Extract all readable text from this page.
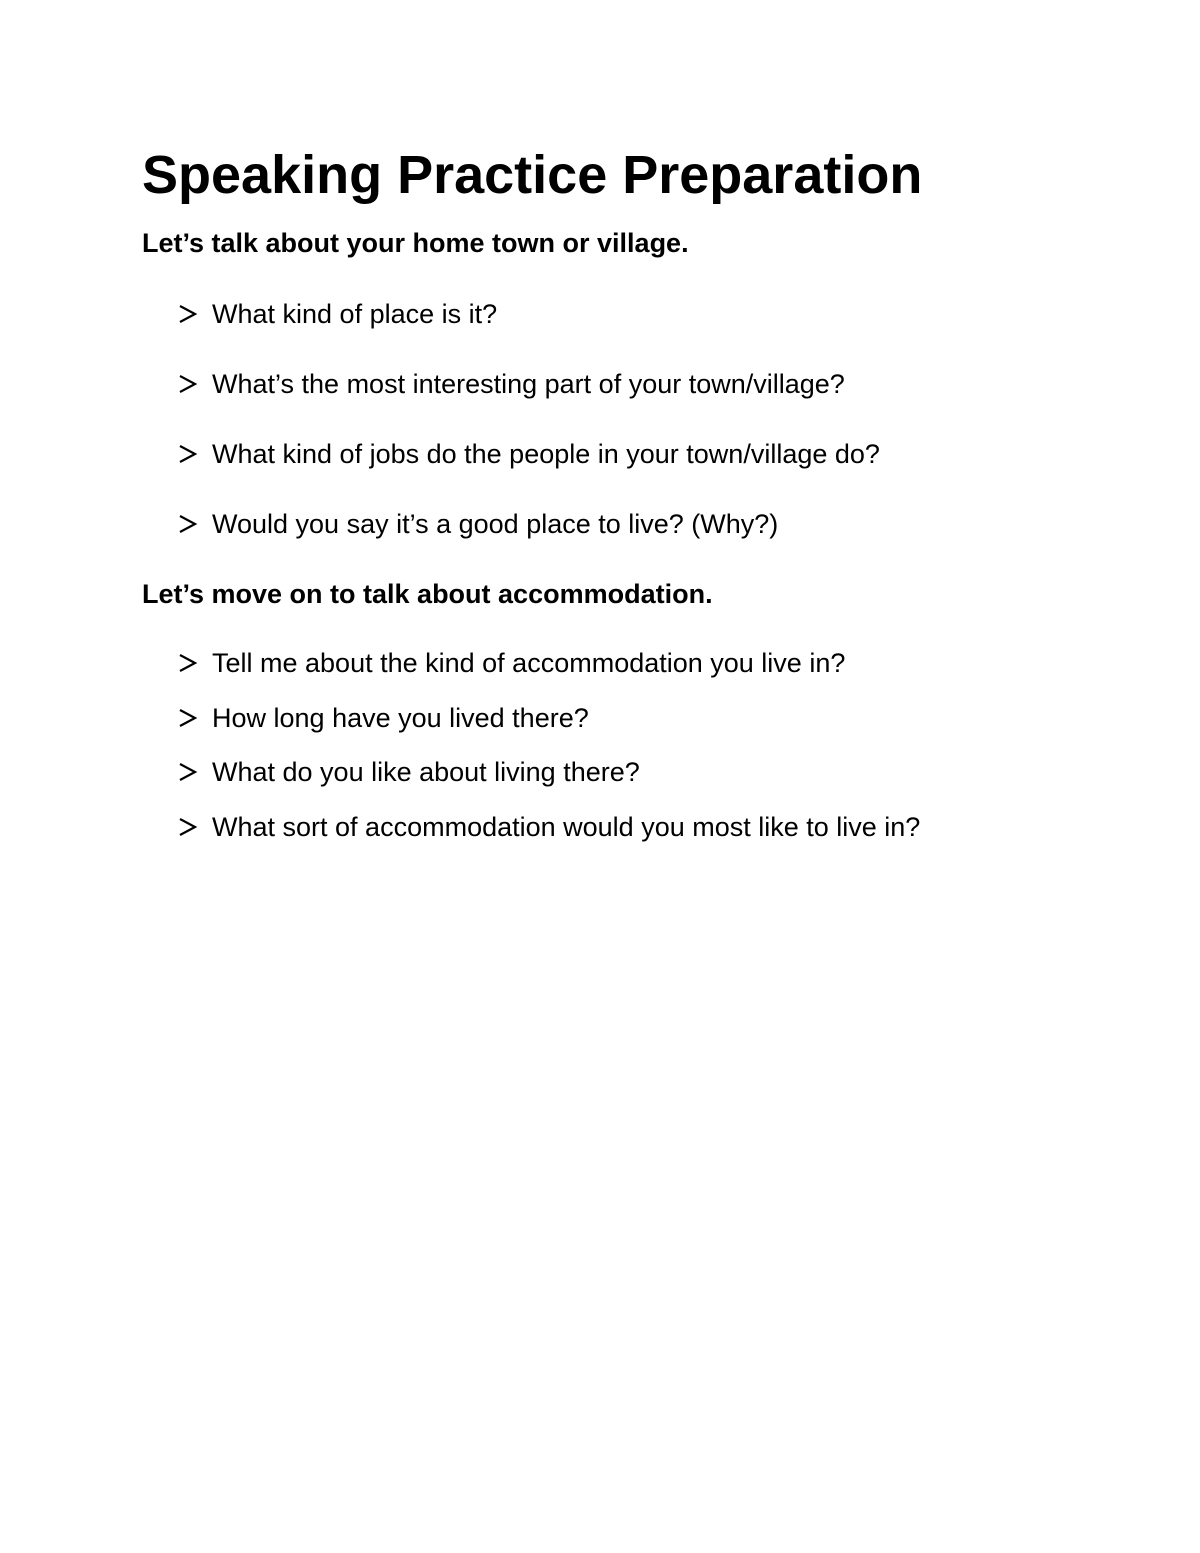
Speaking Practice Preparation
Let’s talk about your home town or village.
What kind of place is it?
What’s the most interesting part of your town/village?
What kind of jobs do the people in your town/village do?
Would you say it’s a good place to live? (Why?)
Let’s move on to talk about accommodation.
Tell me about the kind of accommodation you live in?
How long have you lived there?
What do you like about living there?
What sort of accommodation would you most like to live in?
